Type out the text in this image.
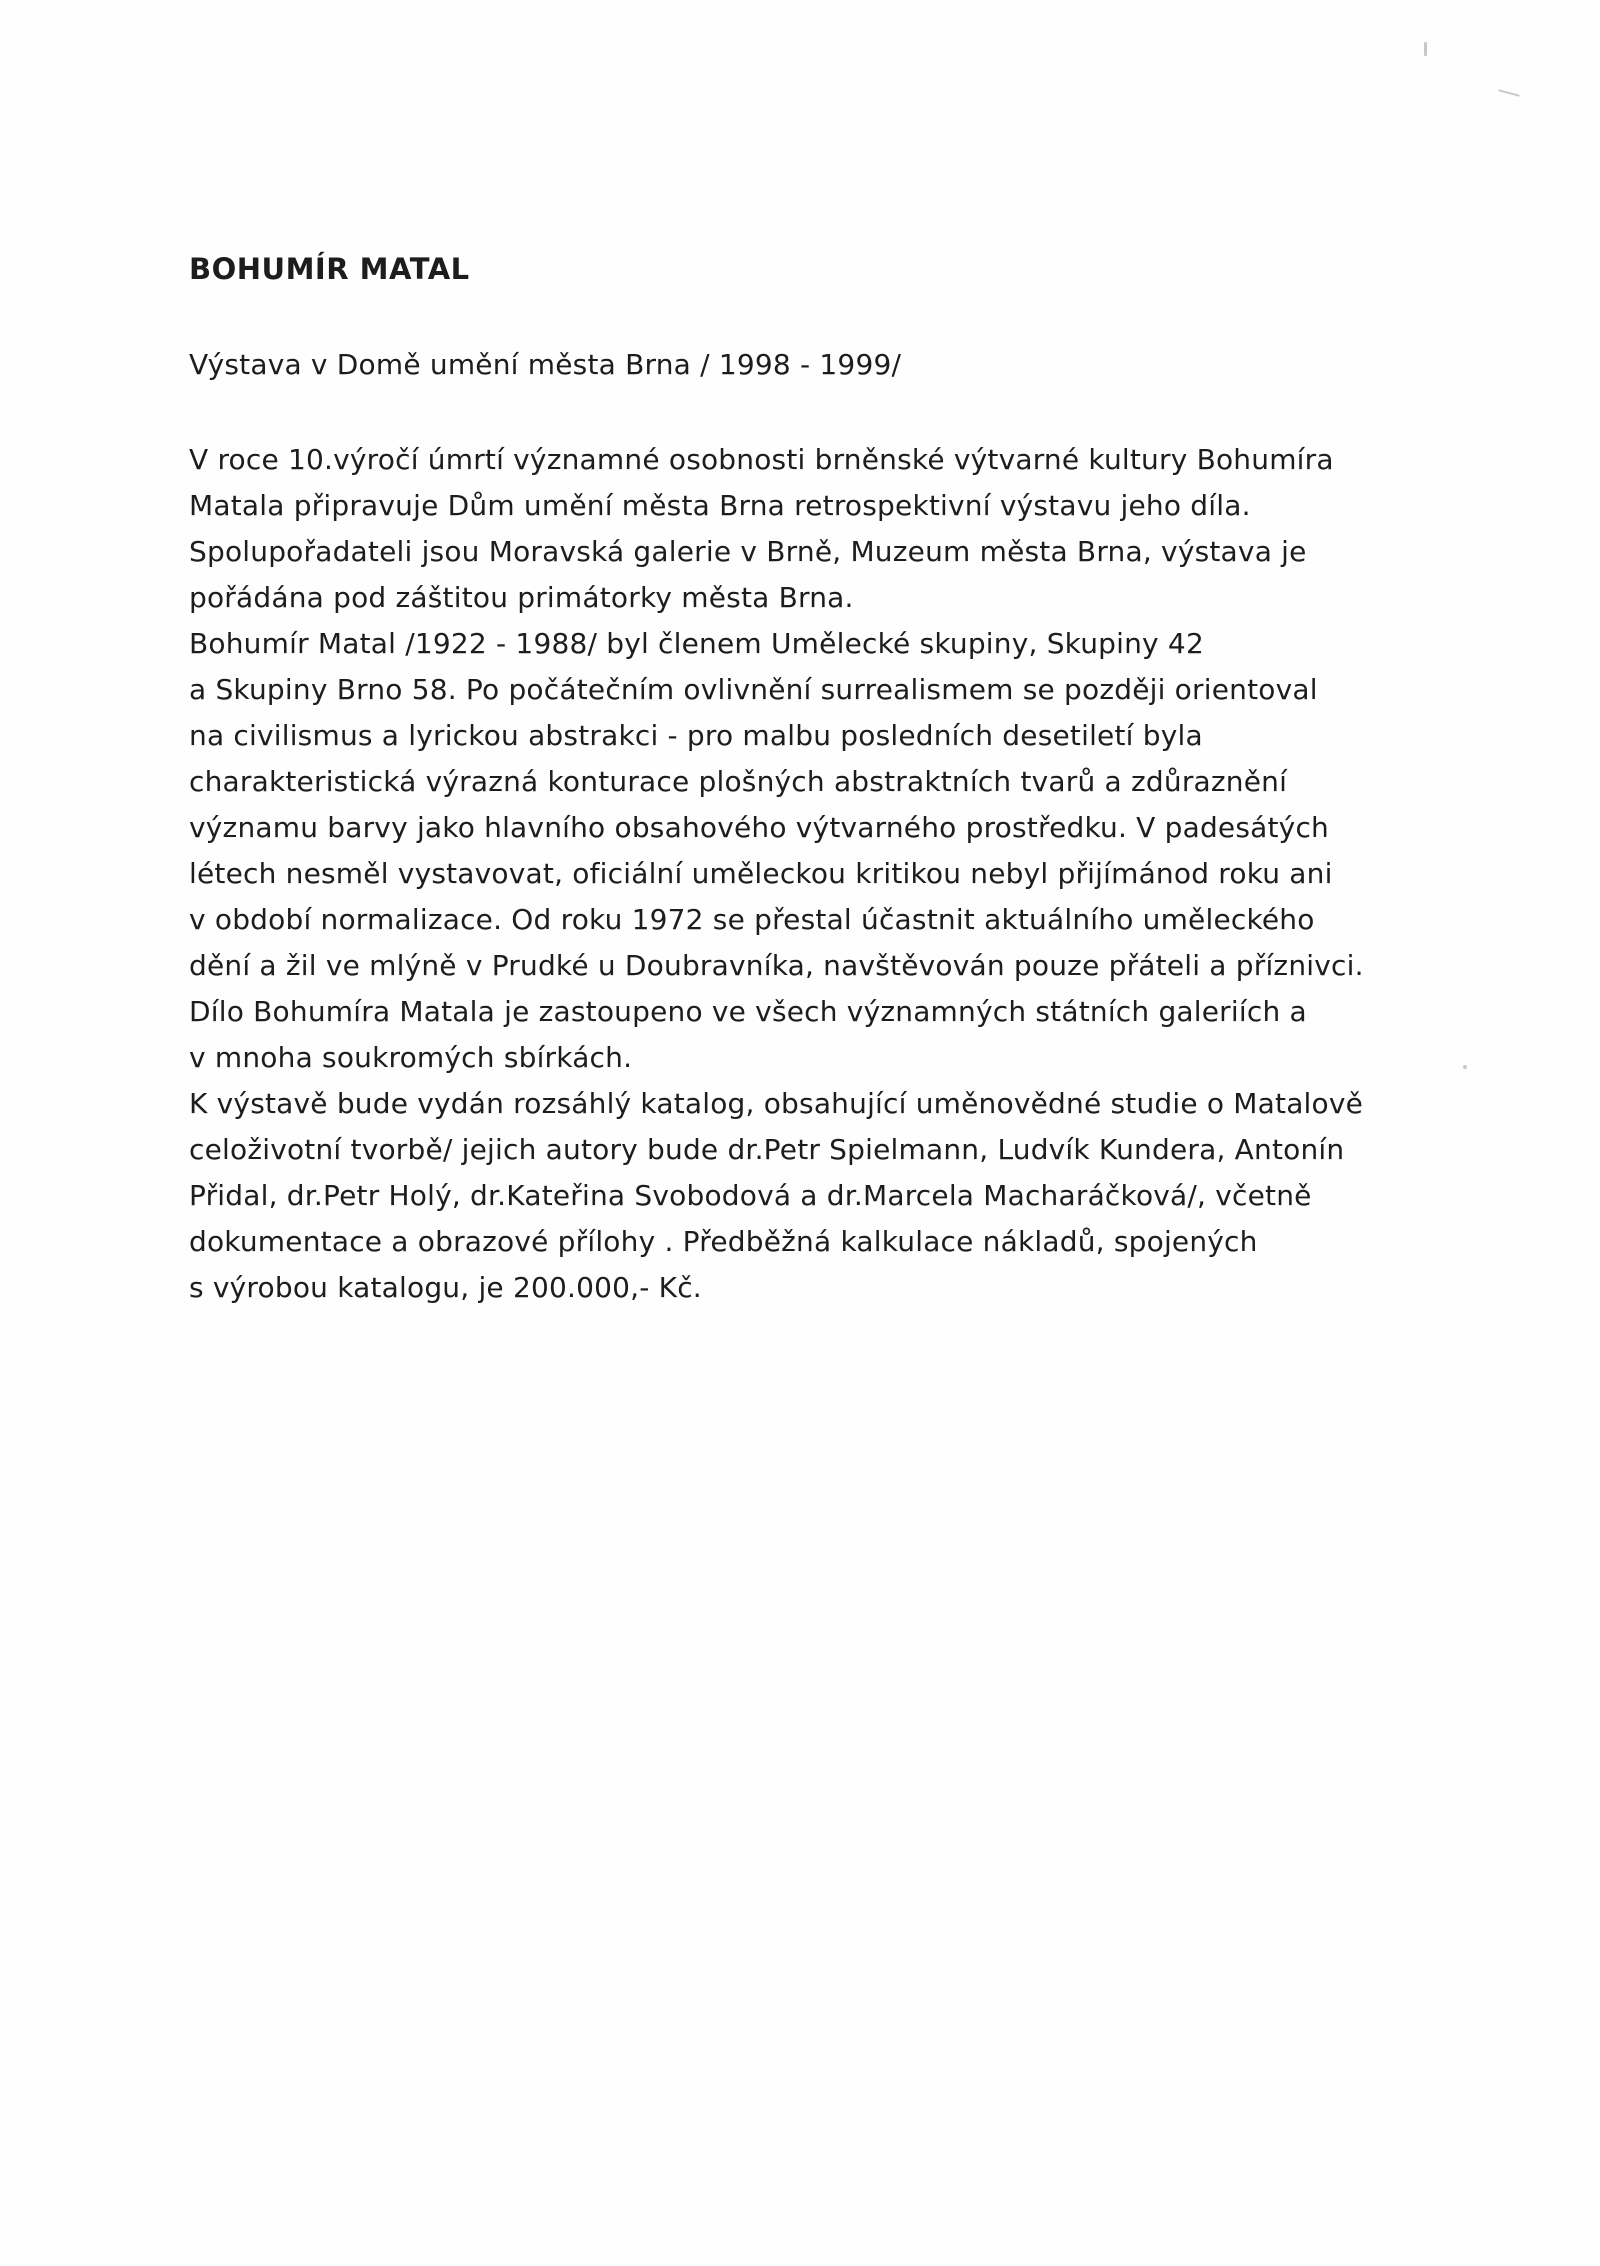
BOHUMÍR MATAL
Výstava v Domě umění města Brna / 1998 - 1999/
V roce 10.výročí úmrtí významné osobnosti brněnské výtvarné kultury Bohumíra
Matala připravuje Dům umění města Brna retrospektivní výstavu jeho díla.
Spolupořadateli jsou Moravská galerie v Brně, Muzeum města Brna, výstava je
pořádána pod záštitou primátorky města Brna.
Bohumír Matal /1922 - 1988/ byl členem Umělecké skupiny, Skupiny 42
a Skupiny Brno 58. Po počátečním ovlivnění surrealismem se později orientoval
na civilismus a lyrickou abstrakci - pro malbu posledních desetiletí byla
charakteristická výrazná konturace plošných abstraktních tvarů a zdůraznění
významu barvy jako hlavního obsahového výtvarného prostředku. V padesátých
létech nesměl vystavovat, oficiální uměleckou kritikou nebyl přijímánod roku ani
v období normalizace. Od roku 1972 se přestal účastnit aktuálního uměleckého
dění a žil ve mlýně v Prudké u Doubravníka, navštěvován pouze přáteli a příznivci.
Dílo Bohumíra Matala je zastoupeno ve všech významných státních galeriích a
v mnoha soukromých sbírkách.
K výstavě bude vydán rozsáhlý katalog, obsahující uměnovědné studie o Matalově
celoživotní tvorbě/ jejich autory bude dr.Petr Spielmann, Ludvík Kundera, Antonín
Přidal, dr.Petr Holý, dr.Kateřina Svobodová a dr.Marcela Macharáčková/, včetně
dokumentace a obrazové přílohy . Předběžná kalkulace nákladů, spojených
s výrobou katalogu, je 200.000,- Kč.
